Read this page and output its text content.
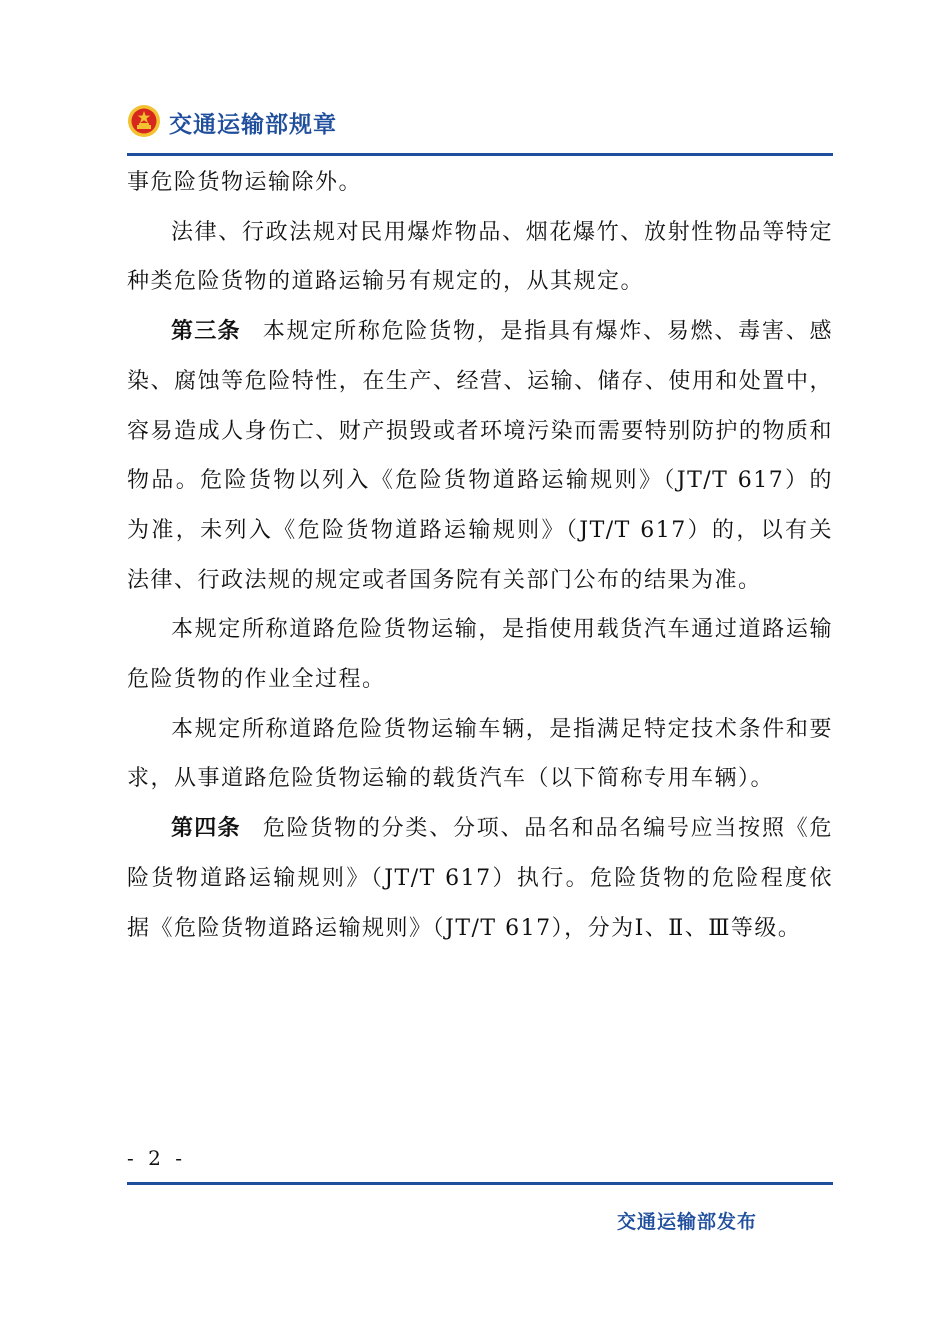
交通运输部规章

事危险货物运输除外。

法律、行政法规对民用爆炸物品、烟花爆竹、放射性物品等特定种类危险货物的道路运输另有规定的，从其规定。

第三条 本规定所称危险货物，是指具有爆炸、易燃、毒害、感染、腐蚀等危险特性，在生产、经营、运输、储存、使用和处置中，容易造成人身伤亡、财产损毁或者环境污染而需要特别防护的物质和物品。危险货物以列入《危险货物道路运输规则》（JT/T 617）的为准，未列入《危险货物道路运输规则》（JT/T 617）的，以有关法律、行政法规的规定或者国务院有关部门公布的结果为准。

本规定所称道路危险货物运输，是指使用载货汽车通过道路运输危险货物的作业全过程。

本规定所称道路危险货物运输车辆，是指满足特定技术条件和要求，从事道路危险货物运输的载货汽车（以下简称专用车辆）。

第四条 危险货物的分类、分项、品名和品名编号应当按照《危险货物道路运输规则》（JT/T 617）执行。危险货物的危险程度依据《危险货物道路运输规则》（JT/T 617），分为Ⅰ、Ⅱ、Ⅲ等级。

- 2 -
交通运输部发布
